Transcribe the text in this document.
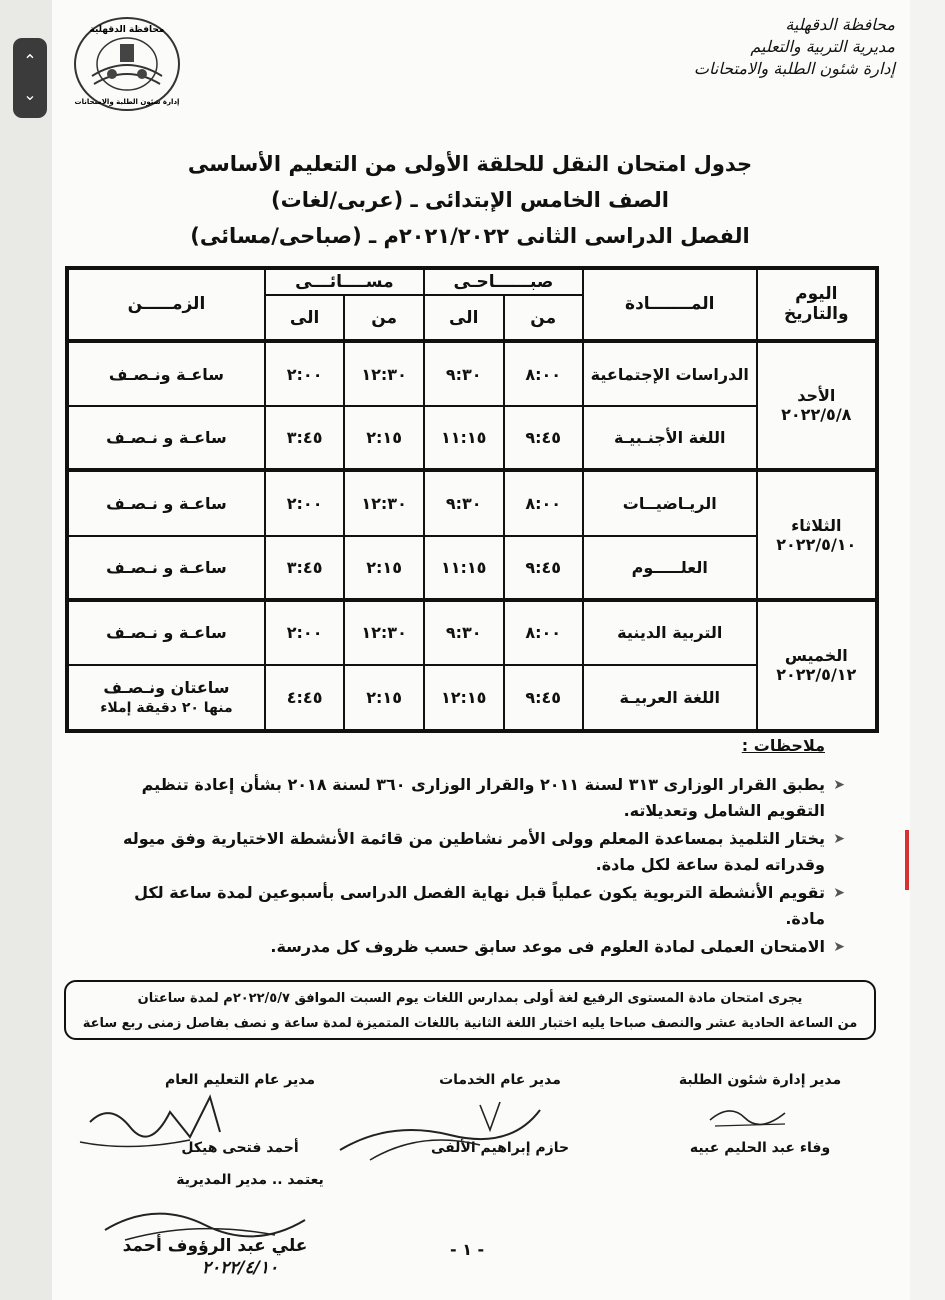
⌃
⌄
محافظة الدقهلية
إدارة شئون الطلبة والامتحانات
محافظة الدقهلية
مديرية التربية والتعليم
إدارة شئون الطلبة والامتحانات
جدول امتحان النقل للحلقة الأولى من التعليم الأساسى
الصف الخامس الإبتدائى ـ (عربى/لغات)
الفصل الدراسى الثانى ٢٠٢١/٢٠٢٢م ـ (صباحى/مسائى)
اليوم والتاريخ	المـــــــادة	صبــــــاحـى		مســــائـــى		الزمـــــن
		من	الى	من	الى	

الأحد
٢٠٢٢/٥/٨	الدراسات الإجتماعية	٨:٠٠	٩:٣٠	١٢:٣٠	٢:٠٠	ساعـة ونـصـف
	اللغة الأجنـبيـة	٩:٤٥	١١:١٥	٢:١٥	٣:٤٥	ساعـة و نـصـف

الثلاثاء
٢٠٢٢/٥/١٠	الريـاضيــات	٨:٠٠	٩:٣٠	١٢:٣٠	٢:٠٠	ساعـة و نـصـف
	العلـــــوم	٩:٤٥	١١:١٥	٢:١٥	٣:٤٥	ساعـة و نـصـف

الخميس
٢٠٢٢/٥/١٢	التربية الدينية	٨:٠٠	٩:٣٠	١٢:٣٠	٢:٠٠	ساعـة و نـصـف
	اللغة العربيـة	٩:٤٥	١٢:١٥	٢:١٥	٤:٤٥	ساعتان ونـصـف
منها ٢٠ دقيقة إملاء
ملاحظات :
➤
يطبق القرار الوزارى ٣١٣ لسنة ٢٠١١ والقرار الوزارى ٣٦٠ لسنة ٢٠١٨ بشأن إعادة تنظيم التقويم الشامل وتعديلاته.
➤
يختار التلميذ بمساعدة المعلم وولى الأمر نشاطين من قائمة الأنشطة الاختيارية وفق ميوله وقدراته لمدة ساعة لكل مادة.
➤
تقويم الأنشطة التربوية يكون عملياً قبل نهاية الفصل الدراسى بأسبوعين لمدة ساعة لكل مادة.
➤
الامتحان العملى لمادة العلوم فى موعد سابق حسب ظروف كل مدرسة.
يجرى امتحان مادة المستوى الرفيع لغة أولى بمدارس اللغات يوم السبت الموافق ٢٠٢٢/٥/٧م لمدة ساعتان
من الساعة الحادية عشر والنصف صباحا يليه اختبار اللغة الثانية باللغات المتميزة لمدة ساعة و نصف بفاصل زمنى ربع ساعة
مدير إدارة شئون الطلبة
وفاء عبد الحليم عبيه
مدير عام الخدمات
حازم إبراهيم الألفى
مدير عام التعليم العام
أحمد فتحى هيكل
يعتمد .. مدير المديرية
علي عبد الرؤوف أحمد
٢٠٢٢/٤/١٠
- ١ -
